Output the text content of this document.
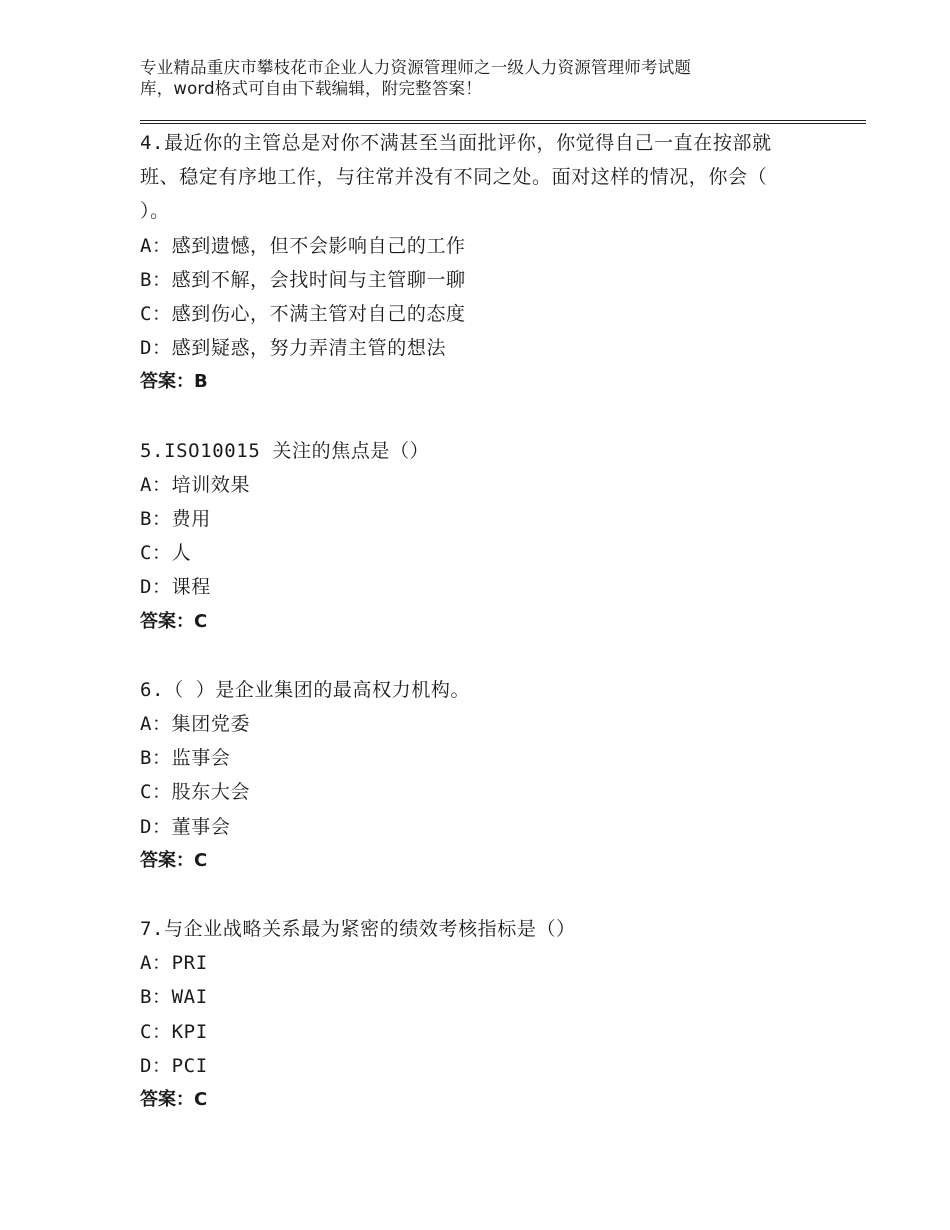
专业精品重庆市攀枝花市企业人力资源管理师之一级人力资源管理师考试题
库，word格式可自由下载编辑，附完整答案！
4.最近你的主管总是对你不满甚至当面批评你，你觉得自己一直在按部就班、稳定有序地工作，与往常并没有不同之处。面对这样的情况，你会（ ）。
A：感到遗憾，但不会影响自己的工作
B：感到不解，会找时间与主管聊一聊
C：感到伤心，不满主管对自己的态度
D：感到疑惑，努力弄清主管的想法
答案：B
5.ISO10015 关注的焦点是（）
A：培训效果
B：费用
C：人
D：课程
答案：C
6.（ ）是企业集团的最高权力机构。
A：集团党委
B：监事会
C：股东大会
D：董事会
答案：C
7.与企业战略关系最为紧密的绩效考核指标是（）
A：PRI
B：WAI
C：KPI
D：PCI
答案：C
